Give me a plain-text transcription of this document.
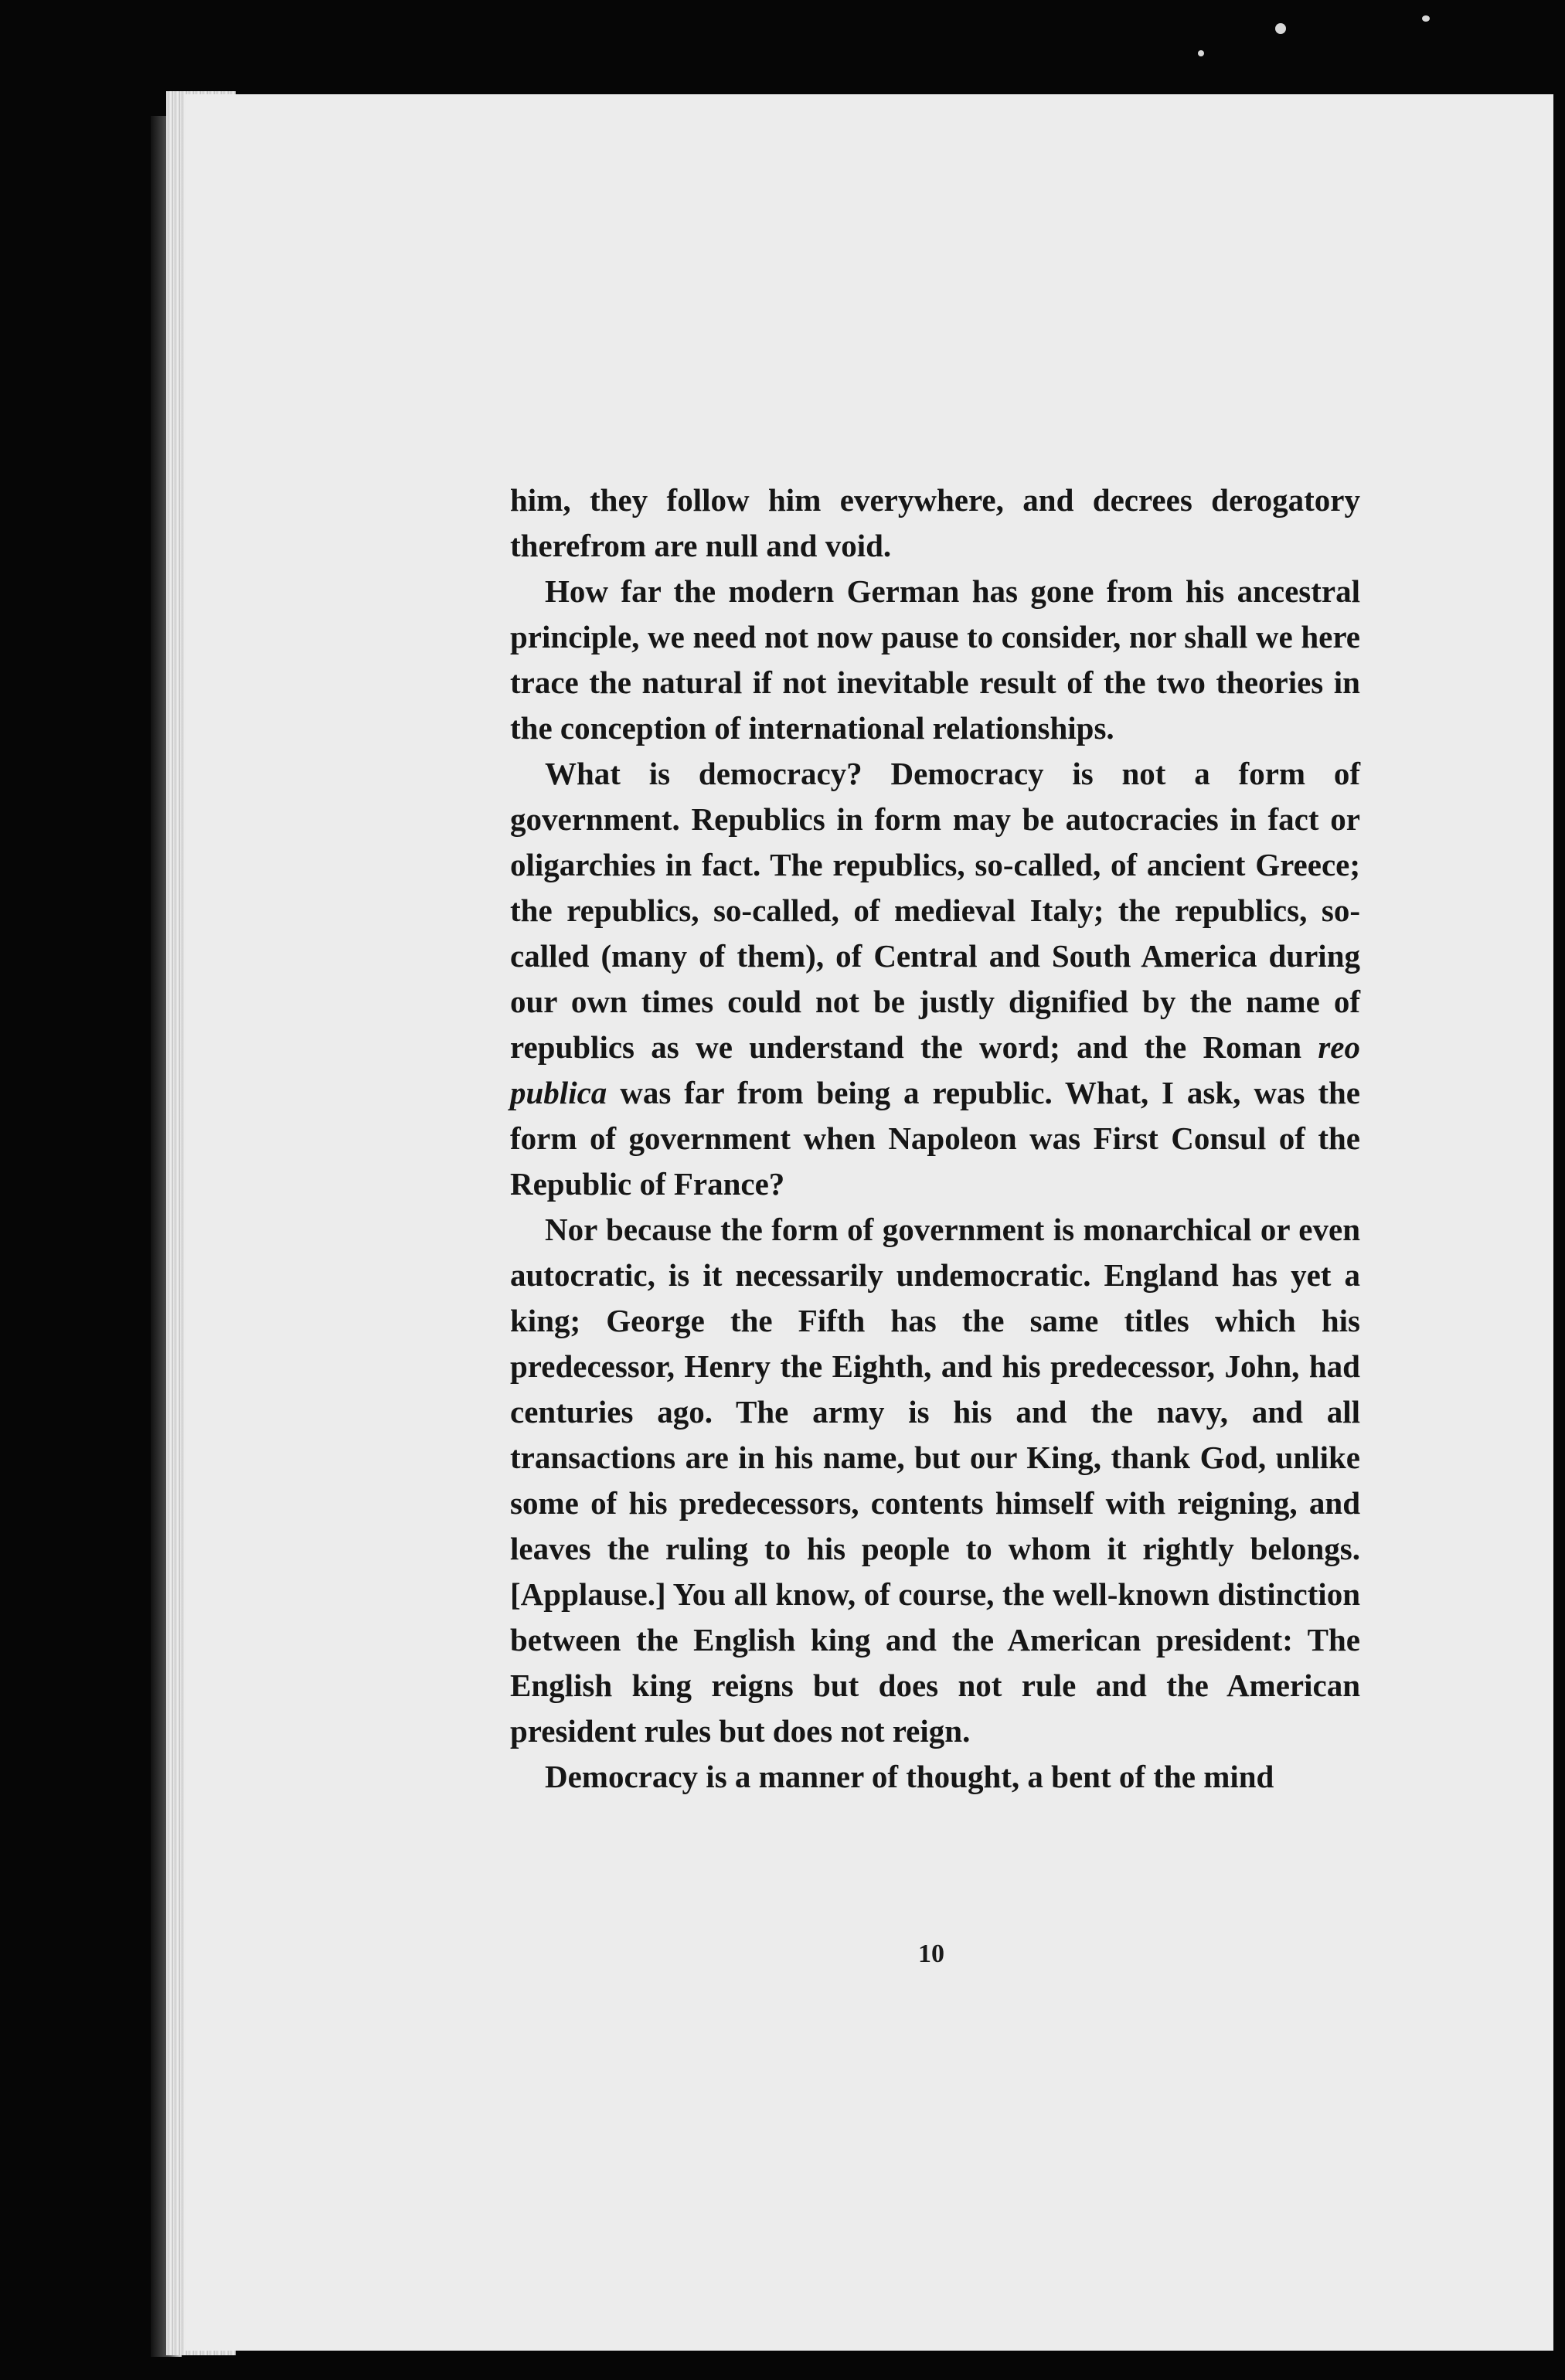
him, they follow him everywhere, and decrees derogatory therefrom are null and void.

How far the modern German has gone from his ancestral principle, we need not now pause to consider, nor shall we here trace the natural if not inevitable result of the two theories in the conception of international relationships.

What is democracy? Democracy is not a form of government. Republics in form may be autocracies in fact or oligarchies in fact. The republics, so-called, of ancient Greece; the republics, so-called, of medieval Italy; the republics, so-called (many of them), of Central and South America during our own times could not be justly dignified by the name of republics as we understand the word; and the Roman reo publica was far from being a republic. What, I ask, was the form of government when Napoleon was First Consul of the Republic of France?

Nor because the form of government is monarchical or even autocratic, is it necessarily undemocratic. England has yet a king; George the Fifth has the same titles which his predecessor, Henry the Eighth, and his predecessor, John, had centuries ago. The army is his and the navy, and all transactions are in his name, but our King, thank God, unlike some of his predecessors, contents himself with reigning, and leaves the ruling to his people to whom it rightly belongs. [Applause.] You all know, of course, the well-known distinction between the English king and the American president: The English king reigns but does not rule and the American president rules but does not reign.

Democracy is a manner of thought, a bent of the mind

10
